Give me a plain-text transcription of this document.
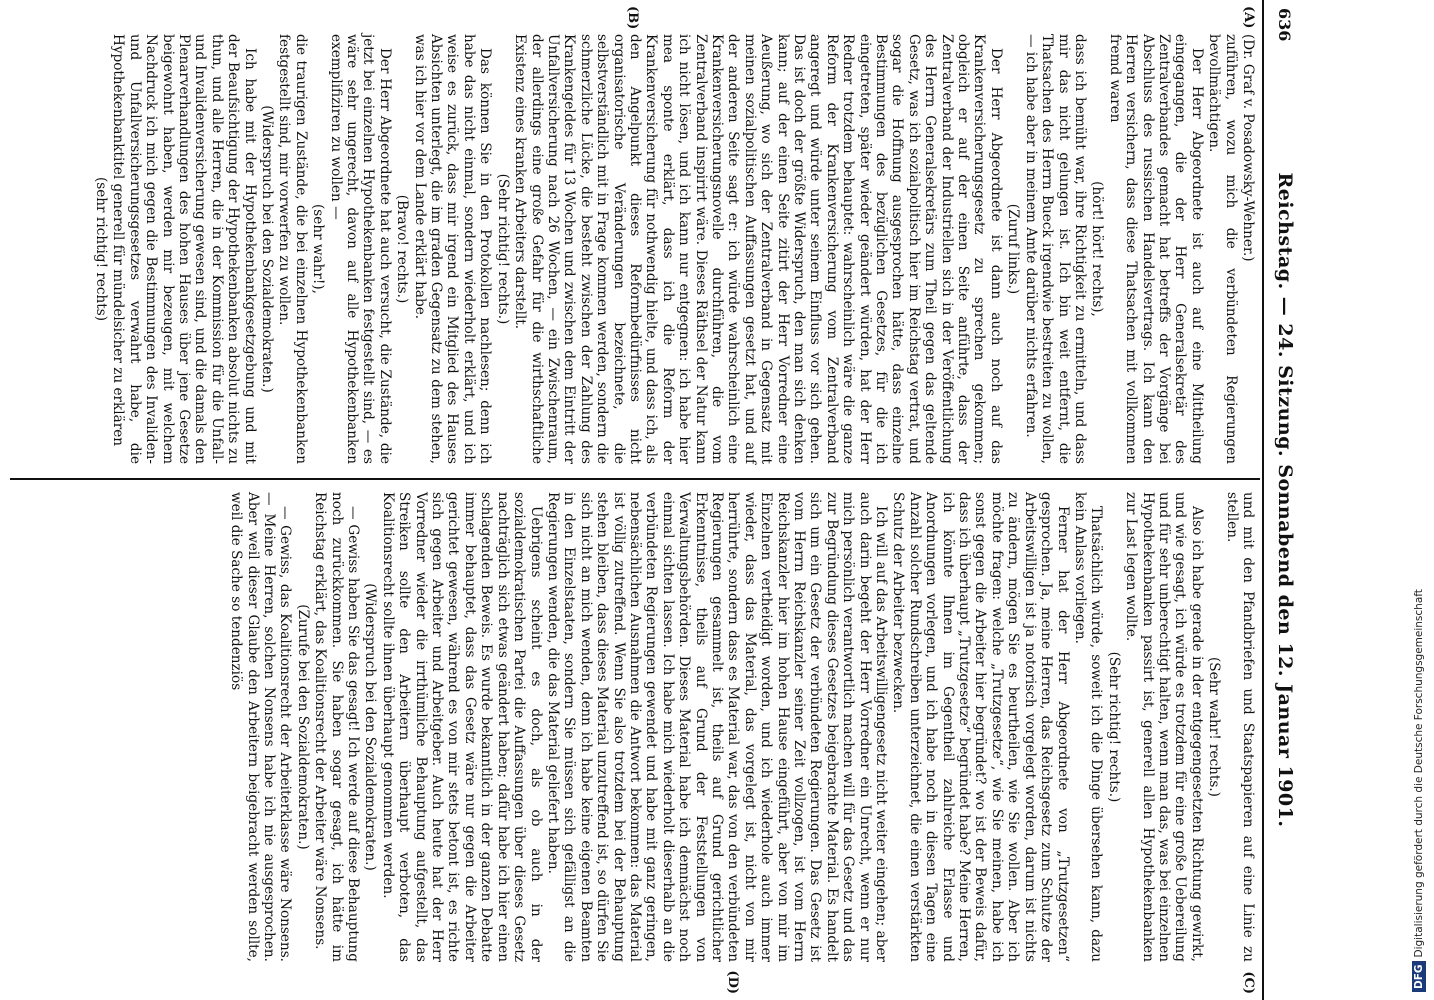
636
Reichstag. — 24. Sitzung. Sonnabend den 12. Januar 1901.
(A)
(B)
(C)
(D)

(Dr. Graf v. Posadowsky-Wehner.)

zuführen, wozu mich die verbündeten Regierungen bevollmächtigen.

Der Herr Abgeordnete ist auch auf eine Mittheilung eingegangen, die der Herr Generalsekretär des Zentralverbandes gemacht hat betreffs der Vorgänge bei Abschluss des russischen Handelsvertrags. Ich kann den Herren versichern, dass diese Thatsachen mit vollkommen fremd waren

(hört! hört! rechts),

dass ich bemüht war, ihre Richtigkeit zu ermitteln, und dass mir das nicht gelungen ist. Ich bin weit entfernt, die Thatsachen des Herrn Bueck irgendwie bestreiten zu wollen, — ich habe aber in meinem Amte darüber nichts erfahren.

(Zuruf links.)

Der Herr Abgeordnete ist dann auch noch auf das Krankenversicherungsgesetz zu sprechen gekommen; obgleich er auf der einen Seite anführte, dass der Zentralverband der Industriellen sich in der Veröffentlichung des Herrn Generalsekretärs zum Theil gegen das geltende Gesetz, was ich sozialpolitisch hier im Reichstag vertrat, und sogar die Hoffnung ausgesprochen hätte, dass einzelne Bestimmungen des bezüglichen Gesetzes, für die ich eingetreten, später wieder geändert würden, hat der Herr Redner trotzdem behauptet: wahrscheinlich wäre die ganze Reform der Krankenversicherung vom Zentralverband angeregt und würde unter seinem Einfluss vor sich gehen. Das ist doch der größte Widerspruch, den man sich denken kann; auf der einen Seite zitirt der Herr Vorredner eine Aeußerung, wo sich der Zentralverband in Gegensatz mit meinen sozialpolitischen Auffassungen gesetzt hat, und auf der anderen Seite sagt er: ich würde wahrscheinlich eine Krankenversicherungsnovelle durchführen, die vom Zentralverband inspirirt wäre. Dieses Räthsel der Natur kann ich nicht lösen, und ich kann nur entgegnen: ich habe hier mea sponte erklärt, dass ich die Reform der Krankenversicherung für nothwendig hielte, und dass ich, als den Angelpunkt dieses Reformbedürfnisses nicht organisatorische Veränderungen bezeichnete, die selbstverständlich mit in Frage kommen werden, sondern die schmerzliche Lücke, die besteht zwischen der Zahlung des Krankengeldes für 13 Wochen und zwischen dem Eintritt der Unfallversicherung nach 26 Wochen, — ein Zwischenraum, der allerdings eine große Gefahr für die wirthschaftliche Existenz eines kranken Arbeiters darstellt.

(Sehr richtig! rechts.)

Das können Sie in den Protokollen nachlesen; denn ich habe das nicht einmal, sondern wiederholt erklärt, und ich weise es zurück, dass mir irgend ein Mitglied des Hauses Absichten unterlegt, die im graden Gegensatz zu dem stehen, was ich hier vor dem Lande erklärt habe.

(Bravo! rechts.)

Der Herr Abgeordnete hat auch versucht, die Zustände, die jetzt bei einzelnen Hypothekenbanken festgestellt sind, — es wäre sehr ungerecht, davon auf alle Hypothekenbanken exemplifiziren zu wollen —

(sehr wahr!),

die traurigen Zustände, die bei einzelnen Hypothekenbanken festgestellt sind, mir vorwerfen zu wollen.

(Widerspruch bei den Sozialdemokraten.)

Ich habe mit der Hypothekenbankgesetzgebung und mit der Beaufsichtigung der Hypothekenbanken absolut nichts zu thun, und alle Herren, die in der Kommission für die Unfall- und Invalidenversicherung gewesen sind, und die damals den Plenarverhandlungen des hohen Hauses über jene Gesetze beigewohnt haben, werden mir bezeugen, mit welchem Nachdruck ich mich gegen die Bestimmungen des Invaliden- und Unfallversicherungsgesetzes verwahrt habe, die Hypothekenbanktitel generell für mündelsicher zu erklären

(sehr richtig! rechts)

und mit den Pfandbriefen und Staatspapieren auf eine Linie zu stellen.

(Sehr wahr! rechts.)

Also ich habe gerade in der entgegengesetzten Richtung gewirkt, und wie gesagt, ich würde es trotzdem für eine große Uebereilung und für sehr unberechtigt halten, wenn man das, was bei einzelnen Hypothekenbanken passirt ist, generell allen Hypothekenbanken zur Last legen wollte.

(Sehr richtig! rechts.)

Thatsächlich würde, soweit ich die Dinge übersehen kann, dazu kein Anlass vorliegen.

Ferner hat der Herr Abgeordnete von „Trutzgesetzen“ gesprochen. Ja, meine Herren, das Reichsgesetz zum Schutze der Arbeitswilligen ist ja notorisch vorgelegt worden, darum ist nichts zu ändern, mögen Sie es beurtheilen, wie Sie wollen. Aber ich möchte fragen: welche „Trutzgesetze“, wie Sie meinen, habe ich sonst gegen die Arbeiter hier begründet? wo ist der Beweis dafür, dass ich überhaupt „Trutzgesetze“ begründet habe? Meine Herren, ich könnte Ihnen im Gegentheil zahlreiche Erlasse und Anordnungen vorlegen, und ich habe noch in diesen Tagen eine Anzahl solcher Rundschreiben unterzeichnet, die einen verstärkten Schutz der Arbeiter bezwecken.

Ich will auf das Arbeitswilligengesetz nicht weiter eingehen; aber auch darin begeht der Herr Vorredner ein Unrecht, wenn er nur mich persönlich verantwortlich machen will für das Gesetz und das zur Begründung dieses Gesetzes beigebrachte Material. Es handelt sich um ein Gesetz der verbündeten Regierungen. Das Gesetz ist vom Herrn Reichskanzler seiner Zeit vollzogen, ist vom Herrn Reichskanzler hier im hohen Hause eingeführt, aber von mir im Einzelnen vertheidigt worden, und ich wiederhole auch immer wieder, dass das Material, das vorgelegt ist, nicht von mir herrührte, sondern dass es Material war, das von den verbündeten Regierungen gesammelt ist, theils auf Grund gerichtlicher Erkenntnisse, theils auf Grund der Feststellungen von Verwaltungsbehörden. Dieses Material habe ich demnächst noch einmal sichten lassen. Ich habe mich wiederholt dieserhalb an die verbündeten Regierungen gewendet und habe mit ganz geringen, nebensächlichen Ausnahmen die Antwort bekommen: das Material ist völlig zutreffend. Wenn Sie also trotzdem bei der Behauptung stehen bleiben, dass dieses Material unzutreffend ist, so dürfen Sie sich nicht an mich wenden, denn ich habe keine eigenen Beamten in den Einzelstaaten, sondern Sie müssen sich gefälligst an die Regierungen wenden, die das Material geliefert haben.

Uebrigens scheint es doch, als ob auch in der sozialdemokratischen Partei die Auffassungen über dieses Gesetz nachträglich sich etwas geändert haben; dafür habe ich hier einen schlagenden Beweis. Es wurde bekanntlich in der ganzen Debatte immer behauptet, dass das Gesetz wäre nur gegen die Arbeiter gerichtet gewesen, während es von mir stets betont ist, es richte sich gegen Arbeiter und Arbeitgeber. Auch heute hat der Herr Vorredner wieder die irrthümliche Behauptung aufgestellt, das Streiken sollte den Arbeitern überhaupt verboten, das Koalitionsrecht sollte ihnen überhaupt genommen werden.

(Widerspruch bei den Sozialdemokraten.)

— Gewiss haben Sie das gesagt! Ich werde auf diese Behauptung noch zurückkommen. Sie haben sogar gesagt, ich hätte im Reichstag erklärt, das Koalitionsrecht der Arbeiter wäre Nonsens.

(Zurufe bei den Sozialdemokraten.)

— Gewiss, das Koalitionsrecht der Arbeiterklasse wäre Nonsens. — Meine Herren, solchen Nonsens habe ich nie ausgesprochen. Aber weil dieser Glaube den Arbeitern beigebracht werden sollte, weil die Sache so tendenziös

DFGDigitalisierung gefördert durch die Deutsche Forschungsgemeinschaft
